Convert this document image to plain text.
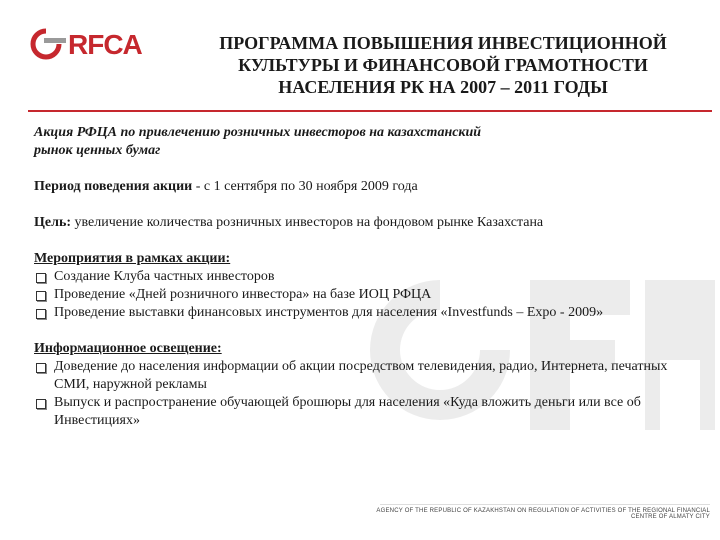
RFCA	ПРОГРАММА ПОВЫШЕНИЯ ИНВЕСТИЦИОННОЙ
КУЛЬТУРЫ И ФИНАНСОВОЙ ГРАМОТНОСТИ
НАСЕЛЕНИЯ РК НА 2007 – 2011 ГОДЫ
Акция РФЦА по привлечению розничных инвесторов на казахстанский
рынок ценных бумаг
Период поведения акции - с 1 сентября по 30 ноября 2009 года
Цель: увеличение количества розничных инвесторов на фондовом рынке Казахстана
Мероприятия в рамках акции:
Создание Клуба частных инвесторов
Проведение «Дней розничного инвестора» на базе ИОЦ РФЦА
Проведение выставки финансовых инструментов для населения «Investfunds – Expo - 2009»
Информационное освещение:
Доведение до населения информации об акции посредством телевидения, радио, Интернета, печатных СМИ, наружной рекламы
Выпуск и распространение обучающей брошюры для населения «Куда вложить деньги или все об Инвестициях»
AGENCY OF THE REPUBLIC OF KAZAKHSTAN ON REGULATION OF ACTIVITIES OF THE REGIONAL FINANCIAL CENTRE OF ALMATY CITY
